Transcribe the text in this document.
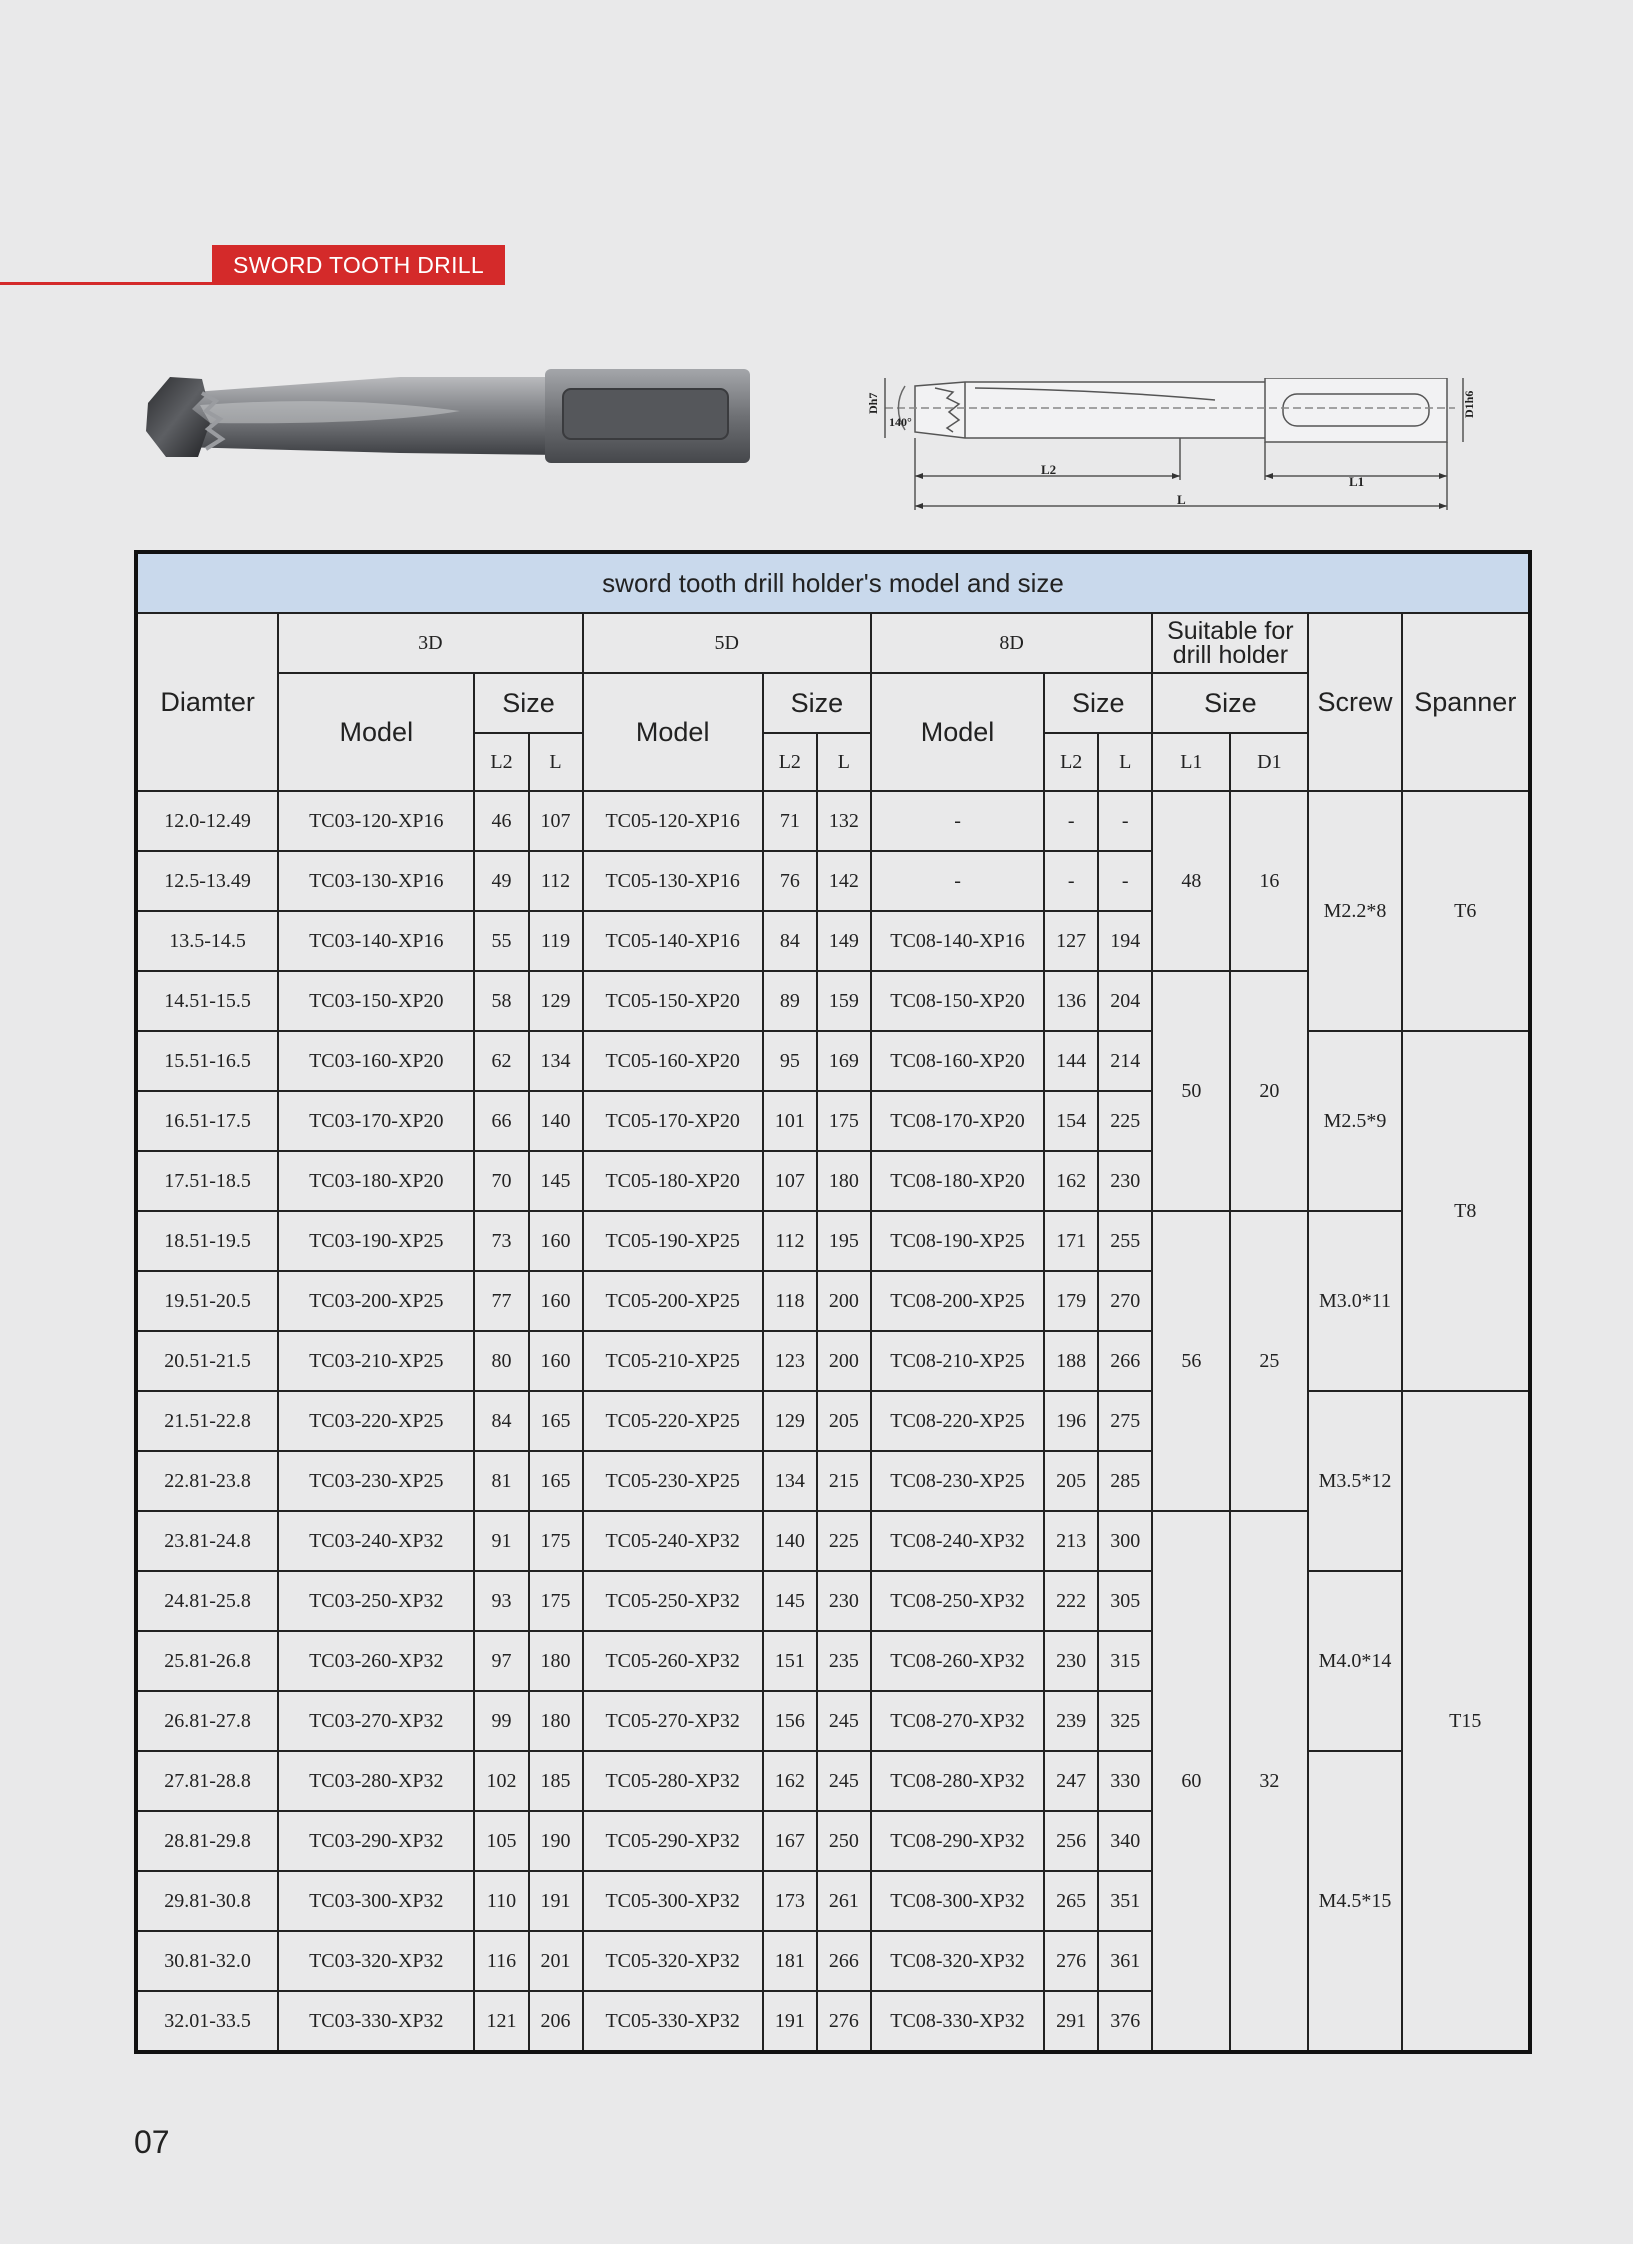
SWORD TOOTH DRILL
Dh7
140°
D1h6
L2
L1
L
sword tooth drill holder's model and size													
Diamter	3D			5D			8D			Suitable for
drill holder		Screw	Spanner
	Model	Size		Model	Size		Model	Size		Size			
		L2	L		L2	L		L2	L	L1	D1		
12.0-12.49	TC03-120-XP16	46	107	TC05-120-XP16	71	132	-	-	-	48	16	M2.2*8	T6
12.5-13.49	TC03-130-XP16	49	112	TC05-130-XP16	76	142	-	-	-				
13.5-14.5	TC03-140-XP16	55	119	TC05-140-XP16	84	149	TC08-140-XP16	127	194				
14.51-15.5	TC03-150-XP20	58	129	TC05-150-XP20	89	159	TC08-150-XP20	136	204	50	20		
15.51-16.5	TC03-160-XP20	62	134	TC05-160-XP20	95	169	TC08-160-XP20	144	214			M2.5*9	T8
16.51-17.5	TC03-170-XP20	66	140	TC05-170-XP20	101	175	TC08-170-XP20	154	225				
17.51-18.5	TC03-180-XP20	70	145	TC05-180-XP20	107	180	TC08-180-XP20	162	230				
18.51-19.5	TC03-190-XP25	73	160	TC05-190-XP25	112	195	TC08-190-XP25	171	255	56	25	M3.0*11	
19.51-20.5	TC03-200-XP25	77	160	TC05-200-XP25	118	200	TC08-200-XP25	179	270				
20.51-21.5	TC03-210-XP25	80	160	TC05-210-XP25	123	200	TC08-210-XP25	188	266				
21.51-22.8	TC03-220-XP25	84	165	TC05-220-XP25	129	205	TC08-220-XP25	196	275			M3.5*12	T15
22.81-23.8	TC03-230-XP25	81	165	TC05-230-XP25	134	215	TC08-230-XP25	205	285				
23.81-24.8	TC03-240-XP32	91	175	TC05-240-XP32	140	225	TC08-240-XP32	213	300	60	32		
24.81-25.8	TC03-250-XP32	93	175	TC05-250-XP32	145	230	TC08-250-XP32	222	305			M4.0*14	
25.81-26.8	TC03-260-XP32	97	180	TC05-260-XP32	151	235	TC08-260-XP32	230	315				
26.81-27.8	TC03-270-XP32	99	180	TC05-270-XP32	156	245	TC08-270-XP32	239	325				
27.81-28.8	TC03-280-XP32	102	185	TC05-280-XP32	162	245	TC08-280-XP32	247	330			M4.5*15	
28.81-29.8	TC03-290-XP32	105	190	TC05-290-XP32	167	250	TC08-290-XP32	256	340				
29.81-30.8	TC03-300-XP32	110	191	TC05-300-XP32	173	261	TC08-300-XP32	265	351				
30.81-32.0	TC03-320-XP32	116	201	TC05-320-XP32	181	266	TC08-320-XP32	276	361				
32.01-33.5	TC03-330-XP32	121	206	TC05-330-XP32	191	276	TC08-330-XP32	291	376				
07
